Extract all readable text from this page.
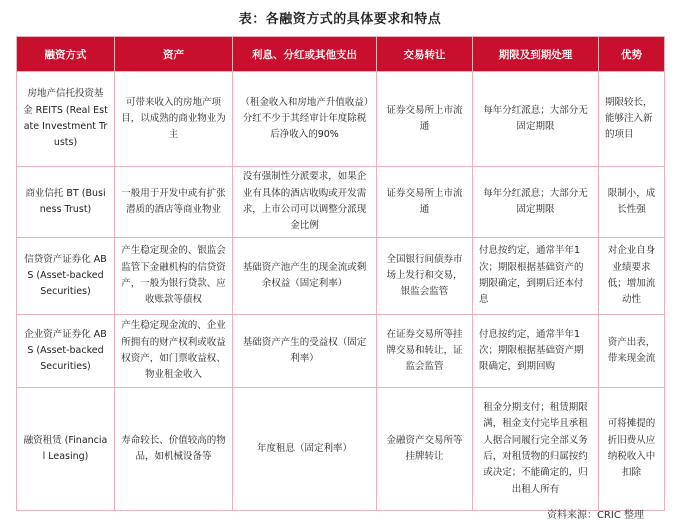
表：各融资方式的具体要求和特点
融资方式	资产	利息、分红或其他支出	交易转让	期限及到期处理	优势
房地产信托投资基金 REITS (Real Estate Investment Trusts)	可带来收入的房地产项目，以成熟的商业物业为主	（租金收入和房地产升值收益）分红不少于其经审计年度除税后净收入的90%	证券交易所上市流通	每年分红派息；大部分无固定期限	期限较长，能够注入新的项目
商业信托 BT (Business Trust)	一般用于开发中或有扩张潜质的酒店等商业物业	没有强制性分派要求，如果企业有具体的酒店收购或开发需求，上市公司可以调整分派现金比例	证券交易所上市流通	每年分红派息；大部分无固定期限	限制小，成长性强
信贷资产证券化 ABS (Asset-backed Securities)	产生稳定现金的、银监会监管下金融机构的信贷资产，一般为银行贷款、应收账款等债权	基础资产池产生的现金流或剩余权益（固定利率）	全国银行间债券市场上发行和交易，银监会监管	付息按约定，通常半年1次；期限根据基础资产的期限确定，到期后还本付息	对企业自身业绩要求低；增加流动性
企业资产证券化 ABS (Asset-backed Securities)	产生稳定现金流的、企业所拥有的财产权利或收益权资产，如门票收益权、物业租金收入	基础资产产生的受益权（固定利率）	在证券交易所等挂牌交易和转让，证监会监管	付息按约定，通常半年1次；期限根据基础资产期限确定，到期回购	资产出表，带来现金流
融资租赁 (Financial Leasing)	寿命较长、价值较高的物品，如机械设备等	年度租息（固定利率）	金融资产交易所等挂牌转让	租金分期支付；租赁期限满，租金支付完毕且承租人据合同履行完全部义务后，对租赁物的归属按约或决定；不能确定的，归出租人所有	可将摊提的折旧费从应纳税收入中扣除
资料来源：CRIC 整理
